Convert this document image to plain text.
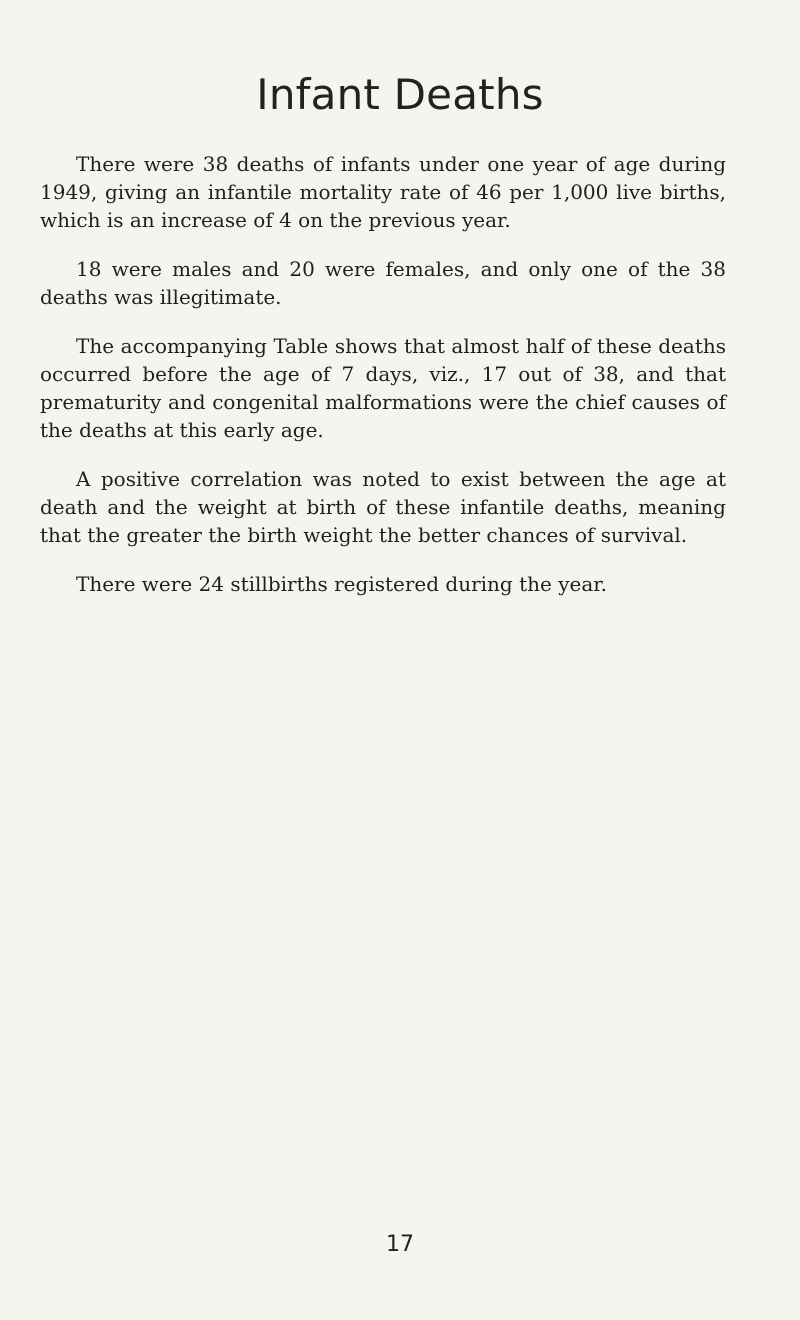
Infant Deaths

There were 38 deaths of infants under one year of age during 1949, giving an infantile mortality rate of 46 per 1,000 live births, which is an increase of 4 on the previous year.

18 were males and 20 were females, and only one of the 38 deaths was illegitimate.

The accompanying Table shows that almost half of these deaths occurred before the age of 7 days, viz., 17 out of 38, and that prematurity and congenital malformations were the chief causes of the deaths at this early age.

A positive correlation was noted to exist between the age at death and the weight at birth of these infantile deaths, meaning that the greater the birth weight the better chances of survival.

There were 24 stillbirths registered during the year.

17
